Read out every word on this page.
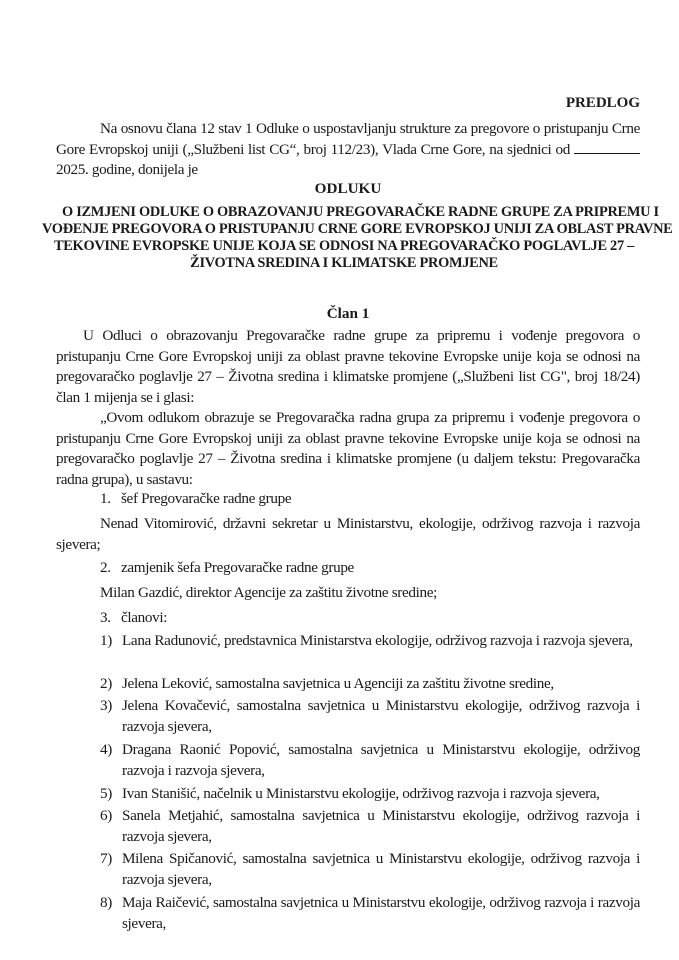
PREDLOG
Na osnovu člana 12 stav 1 Odluke o uspostavljanju strukture za pregovore o pristupanju Crne Gore Evropskoj uniji („Službeni list CG“, broj 112/23), Vlada Crne Gore, na sjednici od  2025. godine, donijela je
ODLUKU
O IZMJENI ODLUKE O OBRAZOVANJU PREGOVARAČKE RADNE GRUPE ZA PRIPREMU I
VOĐENJE PREGOVORA O PRISTUPANJU CRNE GORE EVROPSKOJ UNIJI ZA OBLAST PRAVNE
TEKOVINE EVROPSKE UNIJE KOJA SE ODNOSI NA PREGOVARAČKO POGLAVLJE 27 –
ŽIVOTNA SREDINA I KLIMATSKE PROMJENE
Član 1
U Odluci o obrazovanju Pregovaračke radne grupe za pripremu i vođenje pregovora o pristupanju Crne Gore Evropskoj uniji za oblast pravne tekovine Evropske unije koja se odnosi na pregovaračko poglavlje 27 – Životna sredina i klimatske promjene („Službeni list CG", broj 18/24) član 1 mijenja se i glasi:
„Ovom odlukom obrazuje se Pregovaračka radna grupa za pripremu i vođenje pregovora o pristupanju Crne Gore Evropskoj uniji za oblast pravne tekovine Evropske unije koja se odnosi na pregovaračko poglavlje 27 – Životna sredina i klimatske promjene (u daljem tekstu: Pregovaračka radna grupa), u sastavu:
1. šef Pregovaračke radne grupe
Nenad Vitomirović, državni sekretar u Ministarstvu, ekologije, održivog razvoja i razvoja sjevera;
2. zamjenik šefa Pregovaračke radne grupe
Milan Gazdić, direktor Agencije za zaštitu životne sredine;
3. članovi:
1) Lana Radunović, predstavnica Ministarstva ekologije, održivog razvoja i razvoja sjevera,
2) Jelena Leković, samostalna savjetnica u Agenciji za zaštitu životne sredine,
3) Jelena Kovačević, samostalna savjetnica u Ministarstvu ekologije, održivog razvoja i razvoja sjevera,
4) Dragana Raonić Popović, samostalna savjetnica u Ministarstvu ekologije, održivog razvoja i razvoja sjevera,
5) Ivan Stanišić, načelnik u Ministarstvu ekologije, održivog razvoja i razvoja sjevera,
6) Sanela Metjahić, samostalna savjetnica u Ministarstvu ekologije, održivog razvoja i razvoja sjevera,
7) Milena Spičanović, samostalna savjetnica u Ministarstvu ekologije, održivog razvoja i razvoja sjevera,
8) Maja Raičević, samostalna savjetnica u Ministarstvu ekologije, održivog razvoja i razvoja sjevera,
